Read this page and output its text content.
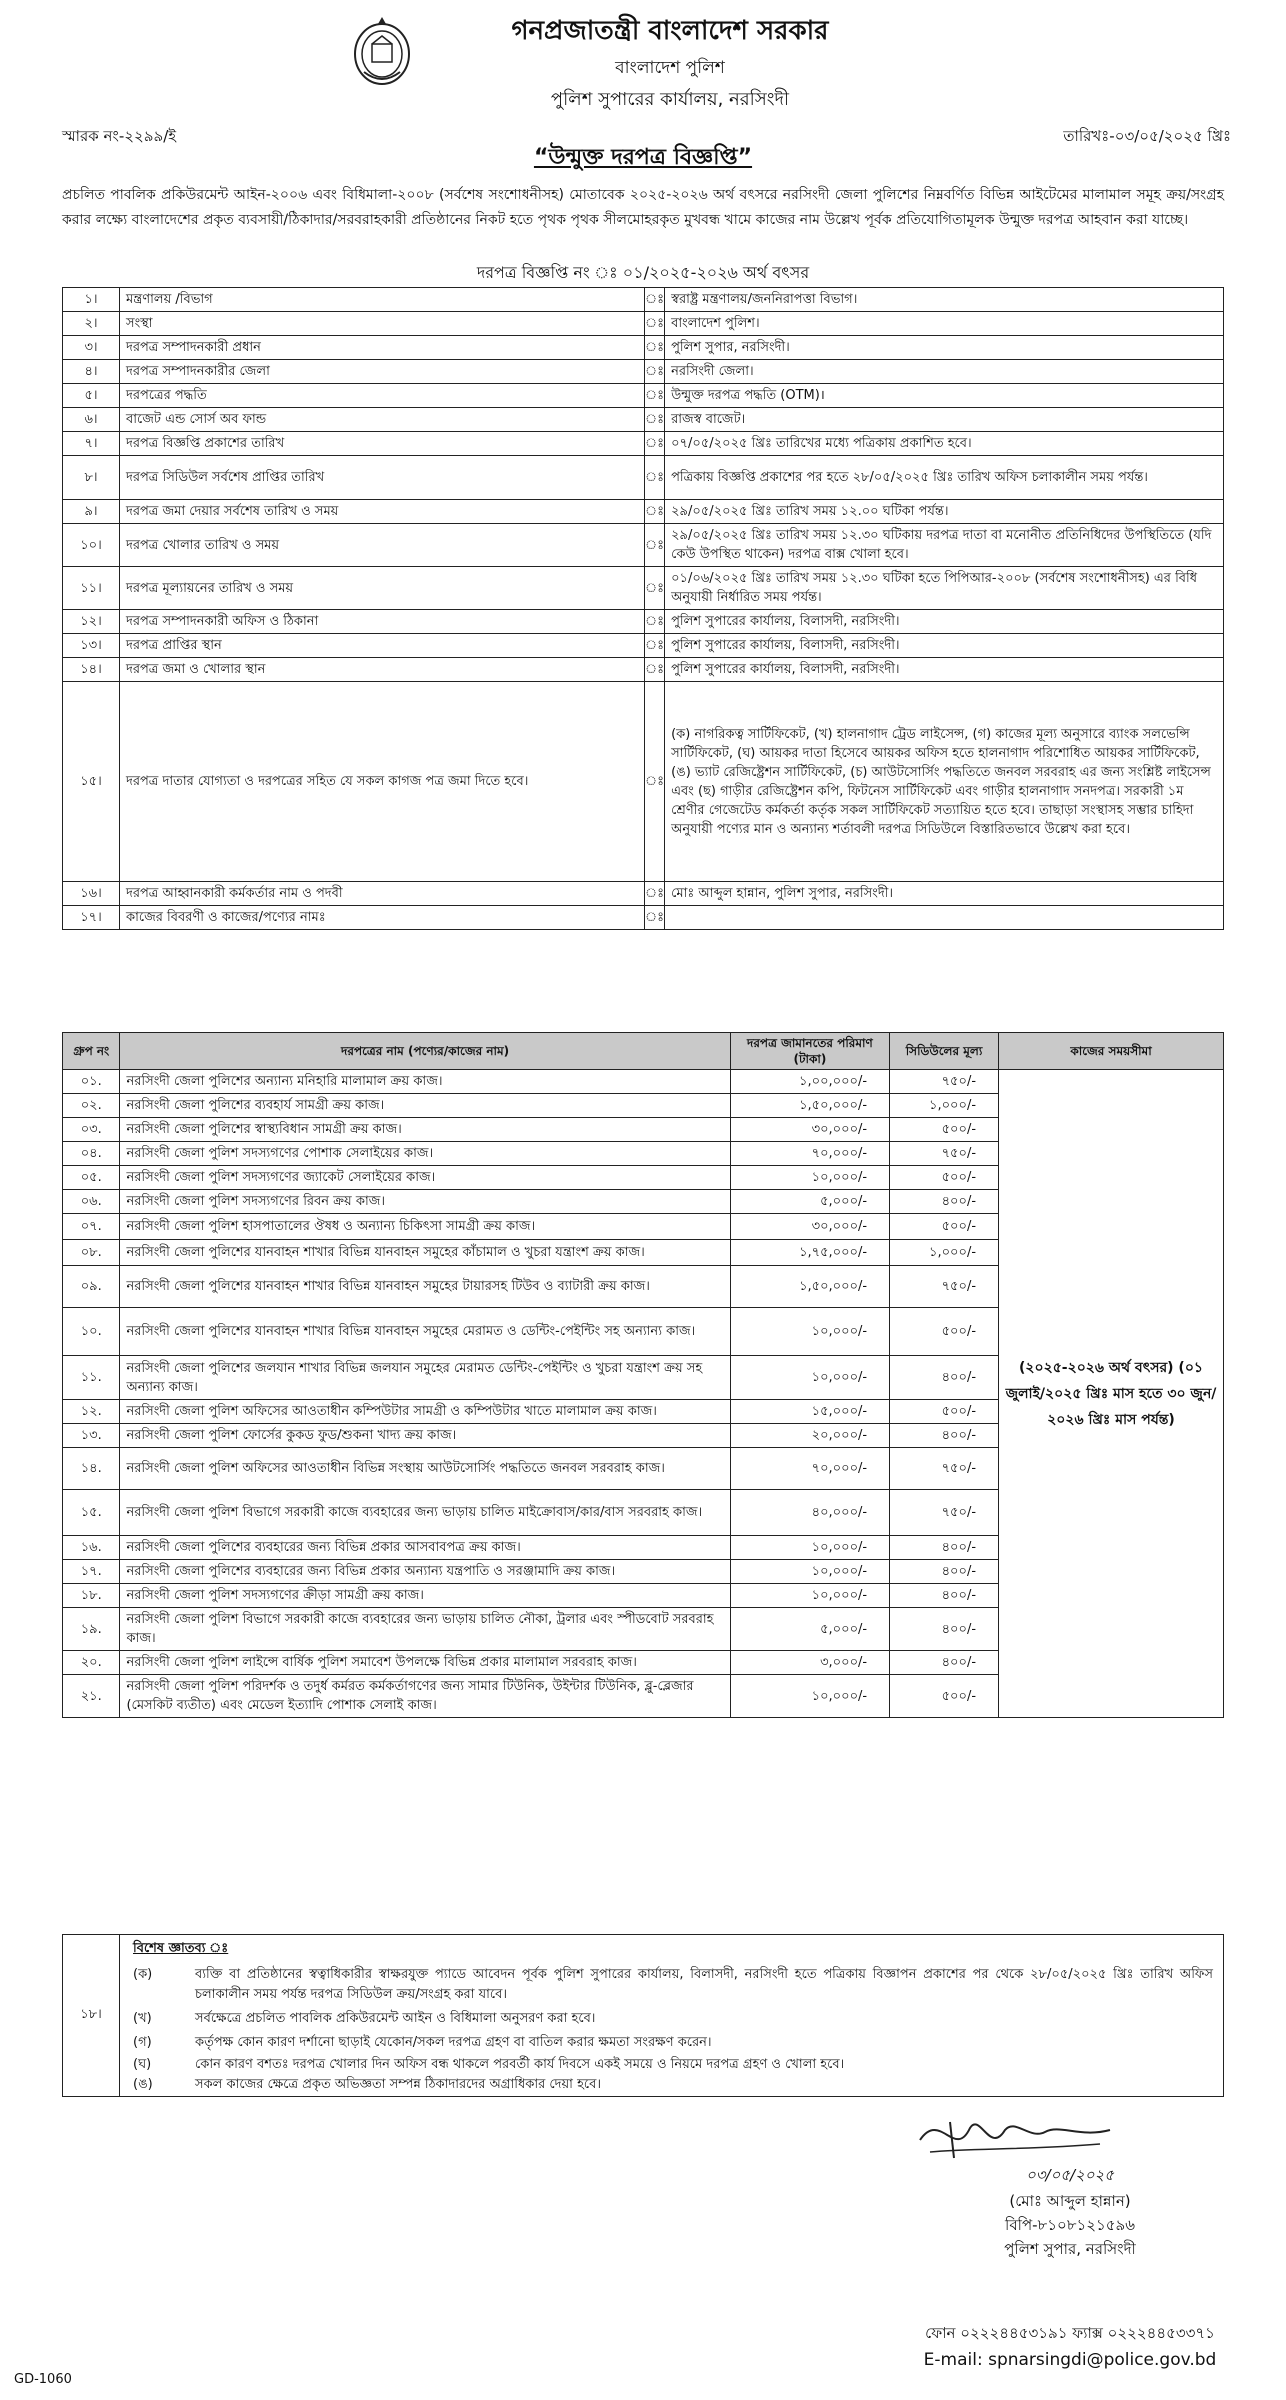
গনপ্রজাতন্ত্রী বাংলাদেশ সরকার
বাংলাদেশ পুলিশ
পুলিশ সুপারের কার্যালয়, নরসিংদী
স্মারক নং-২২৯৯/ই	তারিখঃ-০৩/০৫/২০২৫ খ্রিঃ
“উন্মুক্ত দরপত্র বিজ্ঞপ্তি”
প্রচলিত পাবলিক প্রকিউরমেন্ট আইন-২০০৬ এবং বিধিমালা-২০০৮ (সর্বশেষ সংশোধনীসহ) মোতাবেক ২০২৫-২০২৬ অর্থ বৎসরে নরসিংদী জেলা পুলিশের নিম্নবর্ণিত বিভিন্ন আইটেমের মালামাল সমূহ ক্রয়/সংগ্রহ করার লক্ষ্যে বাংলাদেশের প্রকৃত ব্যবসায়ী/ঠিকাদার/সরবরাহকারী প্রতিষ্ঠানের নিকট হতে পৃথক পৃথক সীলমোহরকৃত মুখবন্ধ খামে কাজের নাম উল্লেখ পূর্বক প্রতিযোগিতামূলক উন্মুক্ত দরপত্র আহবান করা যাচ্ছে।
দরপত্র বিজ্ঞপ্তি নং ঃ ০১/২০২৫-২০২৬ অর্থ বৎসর
১।	মন্ত্রণালয় /বিভাগ	ঃ	স্বরাষ্ট্র মন্ত্রণালয়/জননিরাপত্তা বিভাগ।
২।	সংস্থা	ঃ	বাংলাদেশ পুলিশ।
৩।	দরপত্র সম্পাদনকারী প্রধান	ঃ	পুলিশ সুপার, নরসিংদী।
৪।	দরপত্র সম্পাদনকারীর জেলা	ঃ	নরসিংদী জেলা।
৫।	দরপত্রের পদ্ধতি	ঃ	উন্মুক্ত দরপত্র পদ্ধতি (OTM)।
৬।	বাজেট এন্ড সোর্স অব ফান্ড	ঃ	রাজস্ব বাজেট।
৭।	দরপত্র বিজ্ঞপ্তি প্রকাশের তারিখ	ঃ	০৭/০৫/২০২৫ খ্রিঃ তারিখের মধ্যে পত্রিকায় প্রকাশিত হবে।
৮।	দরপত্র সিডিউল সর্বশেষ প্রাপ্তির তারিখ	ঃ	পত্রিকায় বিজ্ঞপ্তি প্রকাশের পর হতে ২৮/০৫/২০২৫ খ্রিঃ তারিখ অফিস চলাকালীন সময় পর্যন্ত।
৯।	দরপত্র জমা দেয়ার সর্বশেষ তারিখ ও সময়	ঃ	২৯/০৫/২০২৫ খ্রিঃ তারিখ সময় ১২.০০ ঘটিকা পর্যন্ত।
১০।	দরপত্র খোলার তারিখ ও সময়	ঃ	২৯/০৫/২০২৫ খ্রিঃ তারিখ সময় ১২.৩০ ঘটিকায় দরপত্র দাতা বা মনোনীত প্রতিনিধিদের উপস্থিতিতে (যদি কেউ উপস্থিত থাকেন) দরপত্র বাক্স খোলা হবে।
১১।	দরপত্র মূল্যায়নের তারিখ ও সময়	ঃ	০১/০৬/২০২৫ খ্রিঃ তারিখ সময় ১২.৩০ ঘটিকা হতে পিপিআর-২০০৮ (সর্বশেষ সংশোধনীসহ) এর বিধি অনুযায়ী নির্ধারিত সময় পর্যন্ত।
১২।	দরপত্র সম্পাদনকারী অফিস ও ঠিকানা	ঃ	পুলিশ সুপারের কার্যালয়, বিলাসদী, নরসিংদী।
১৩।	দরপত্র প্রাপ্তির স্থান	ঃ	পুলিশ সুপারের কার্যালয়, বিলাসদী, নরসিংদী।
১৪।	দরপত্র জমা ও খোলার স্থান	ঃ	পুলিশ সুপারের কার্যালয়, বিলাসদী, নরসিংদী।
১৫।	দরপত্র দাতার যোগ্যতা ও দরপত্রের সহিত যে সকল কাগজ পত্র জমা দিতে হবে।	ঃ	(ক) নাগরিকত্ব সার্টিফিকেট, (খ) হালনাগাদ ট্রেড লাইসেন্স, (গ) কাজের মূল্য অনুসারে ব্যাংক সলভেন্সি সার্টিফিকেট, (ঘ) আয়কর দাতা হিসেবে আয়কর অফিস হতে হালনাগাদ পরিশোধিত আয়কর সার্টিফিকেট, (ঙ) ভ্যাট রেজিষ্ট্রেশন সার্টিফিকেট, (চ) আউটসোর্সিং পদ্ধতিতে জনবল সরবরাহ এর জন্য সংশ্লিষ্ট লাইসেন্স এবং (ছ) গাড়ীর রেজিষ্ট্রেশন কপি, ফিটনেস সার্টিফিকেট এবং গাড়ীর হালনাগাদ সনদপত্র। সরকারী ১ম শ্রেণীর গেজেটেড কর্মকর্তা কর্তৃক সকল সার্টিফিকেট সত্যায়িত হতে হবে। তাছাড়া সংস্থাসহ সম্ভার চাহিদা অনুযায়ী পণ্যের মান ও অন্যান্য শর্তাবলী দরপত্র সিডিউলে বিস্তারিতভাবে উল্লেখ করা হবে।
১৬।	দরপত্র আহ্বানকারী কর্মকর্তার নাম ও পদবী	ঃ	মোঃ আব্দুল হান্নান, পুলিশ সুপার, নরসিংদী।
১৭।	কাজের বিবরণী ও কাজের/পণ্যের নামঃ	ঃ	
গ্রুপ নং	দরপত্রের নাম (পণ্যের/কাজের নাম)	দরপত্র জামানতের পরিমাণ (টাকা)	সিডিউলের মূল্য	কাজের সময়সীমা
০১.	নরসিংদী জেলা পুলিশের অন্যান্য মনিহারি মালামাল ক্রয় কাজ।	১,০০,০০০/-	৭৫০/-	(২০২৫-২০২৬ অর্থ বৎসর) (০১ জুলাই/২০২৫ খ্রিঃ মাস হতে ৩০ জুন/২০২৬ খ্রিঃ মাস পর্যন্ত)
০২.	নরসিংদী জেলা পুলিশের ব্যবহার্য সামগ্রী ক্রয় কাজ।	১,৫০,০০০/-	১,০০০/-	
০৩.	নরসিংদী জেলা পুলিশের স্বাস্থ্যবিধান সামগ্রী ক্রয় কাজ।	৩০,০০০/-	৫০০/-	
০৪.	নরসিংদী জেলা পুলিশ সদস্যগণের পোশাক সেলাইয়ের কাজ।	৭০,০০০/-	৭৫০/-	
০৫.	নরসিংদী জেলা পুলিশ সদস্যগণের জ্যাকেট সেলাইয়ের কাজ।	১০,০০০/-	৫০০/-	
০৬.	নরসিংদী জেলা পুলিশ সদস্যগণের রিবন ক্রয় কাজ।	৫,০০০/-	৪০০/-	
০৭.	নরসিংদী জেলা পুলিশ হাসপাতালের ঔষধ ও অন্যান্য চিকিৎসা সামগ্রী ক্রয় কাজ।	৩০,০০০/-	৫০০/-	
০৮.	নরসিংদী জেলা পুলিশের যানবাহন শাখার বিভিন্ন যানবাহন সমুহের কাঁচামাল ও খুচরা যন্ত্রাংশ ক্রয় কাজ।	১,৭৫,০০০/-	১,০০০/-	
০৯.	নরসিংদী জেলা পুলিশের যানবাহন শাখার বিভিন্ন যানবাহন সমুহের টায়ারসহ টিউব ও ব্যাটারী ক্রয় কাজ।	১,৫০,০০০/-	৭৫০/-	
১০.	নরসিংদী জেলা পুলিশের যানবাহন শাখার বিভিন্ন যানবাহন সমুহের মেরামত ও ডেন্টিং-পেইন্টিং সহ অন্যান্য কাজ।	১০,০০০/-	৫০০/-	
১১.	নরসিংদী জেলা পুলিশের জলযান শাখার বিভিন্ন জলযান সমুহের মেরামত ডেন্টিং-পেইন্টিং ও খুচরা যন্ত্রাংশ ক্রয় সহ অন্যান্য কাজ।	১০,০০০/-	৪০০/-	
১২.	নরসিংদী জেলা পুলিশ অফিসের আওতাধীন কম্পিউটার সামগ্রী ও কম্পিউটার খাতে মালামাল ক্রয় কাজ।	১৫,০০০/-	৫০০/-	
১৩.	নরসিংদী জেলা পুলিশ ফোর্সের কুকড ফুড/শুকনা খাদ্য ক্রয় কাজ।	২০,০০০/-	৪০০/-	
১৪.	নরসিংদী জেলা পুলিশ অফিসের আওতাধীন বিভিন্ন সংস্থায় আউটসোর্সিং পদ্ধতিতে জনবল সরবরাহ কাজ।	৭০,০০০/-	৭৫০/-	
১৫.	নরসিংদী জেলা পুলিশ বিভাগে সরকারী কাজে ব্যবহারের জন্য ভাড়ায় চালিত মাইক্রোবাস/কার/বাস সরবরাহ কাজ।	৪০,০০০/-	৭৫০/-	
১৬.	নরসিংদী জেলা পুলিশের ব্যবহারের জন্য বিভিন্ন প্রকার আসবাবপত্র ক্রয় কাজ।	১০,০০০/-	৪০০/-	
১৭.	নরসিংদী জেলা পুলিশের ব্যবহারের জন্য বিভিন্ন প্রকার অন্যান্য যন্ত্রপাতি ও সরঞ্জামাদি ক্রয় কাজ।	১০,০০০/-	৪০০/-	
১৮.	নরসিংদী জেলা পুলিশ সদস্যগণের ক্রীড়া সামগ্রী ক্রয় কাজ।	১০,০০০/-	৪০০/-	
১৯.	নরসিংদী জেলা পুলিশ বিভাগে সরকারী কাজে ব্যবহারের জন্য ভাড়ায় চালিত নৌকা, ট্রলার এবং স্পীডবোট সরবরাহ কাজ।	৫,০০০/-	৪০০/-	
২০.	নরসিংদী জেলা পুলিশ লাইন্সে বার্ষিক পুলিশ সমাবেশ উপলক্ষে বিভিন্ন প্রকার মালামাল সরবরাহ কাজ।	৩,০০০/-	৪০০/-	
২১.	নরসিংদী জেলা পুলিশ পরিদর্শক ও তদুর্ধ কর্মরত কর্মকর্তাগণের জন্য সামার টিউনিক, উইন্টার টিউনিক, ব্লু-ব্লেজার (মেসকিট ব্যতীত) এবং মেডেল ইত্যাদি পোশাক সেলাই কাজ।	১০,০০০/-	৫০০/-	
১৮।
বিশেষ জ্ঞাতব্য ঃ
(ক)	ব্যক্তি বা প্রতিষ্ঠানের স্বত্বাধিকারীর স্বাক্ষরযুক্ত প্যাডে আবেদন পূর্বক পুলিশ সুপারের কার্যালয়, বিলাসদী, নরসিংদী হতে পত্রিকায় বিজ্ঞাপন প্রকাশের পর থেকে ২৮/০৫/২০২৫ খ্রিঃ তারিখ অফিস চলাকালীন সময় পর্যন্ত দরপত্র সিডিউল ক্রয়/সংগ্রহ করা যাবে।
(খ)	সর্বক্ষেত্রে প্রচলিত পাবলিক প্রকিউরমেন্ট আইন ও বিধিমালা অনুসরণ করা হবে।
(গ)	কর্তৃপক্ষ কোন কারণ দর্শানো ছাড়াই যেকোন/সকল দরপত্র গ্রহণ বা বাতিল করার ক্ষমতা সংরক্ষণ করেন।
(ঘ)	কোন কারণ বশতঃ দরপত্র খোলার দিন অফিস বন্ধ থাকলে পরবর্তী কার্য দিবসে একই সময়ে ও নিয়মে দরপত্র গ্রহণ ও খোলা হবে।
(ঙ)	সকল কাজের ক্ষেত্রে প্রকৃত অভিজ্ঞতা সম্পন্ন ঠিকাদারদের অগ্রাধিকার দেয়া হবে।
০৩/০৫/২০২৫
(মোঃ আব্দুল হান্নান)
বিপি-৮১০৮১২১৫৯৬
পুলিশ সুপার, নরসিংদী
ফোন ০২২২৪৪৫৩১৯১ ফ্যাক্স ০২২২৪৪৫৩৩৭১
E-mail: spnarsingdi@police.gov.bd
GD-1060
